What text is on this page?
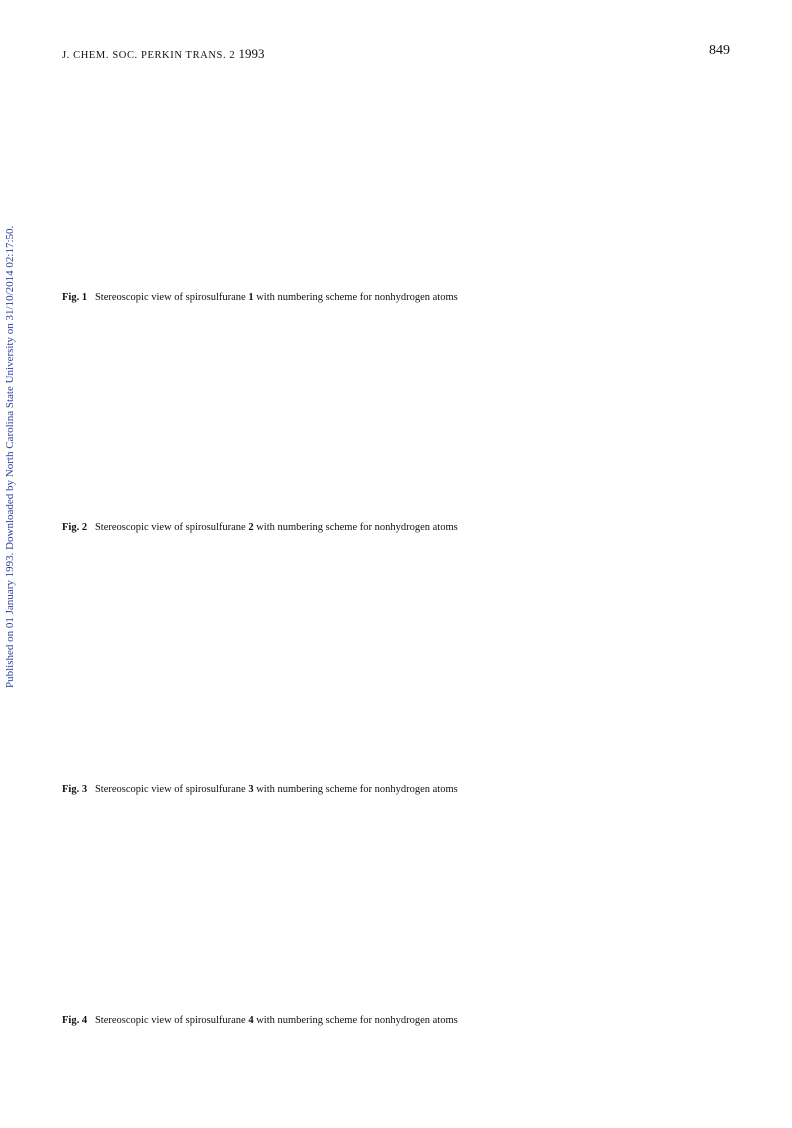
J. CHEM. SOC. PERKIN TRANS. 2 1993	849
Published on 01 January 1993. Downloaded by North Carolina State University on 31/10/2014 02:17:50.	Fig. 1 Stereoscopic view of spirosulfurane 1 with numbering scheme for nonhydrogen atoms
Fig. 2 Stereoscopic view of spirosulfurane 2 with numbering scheme for nonhydrogen atoms
Fig. 3 Stereoscopic view of spirosulfurane 3 with numbering scheme for nonhydrogen atoms
Fig. 4 Stereoscopic view of spirosulfurane 4 with numbering scheme for nonhydrogen atoms
